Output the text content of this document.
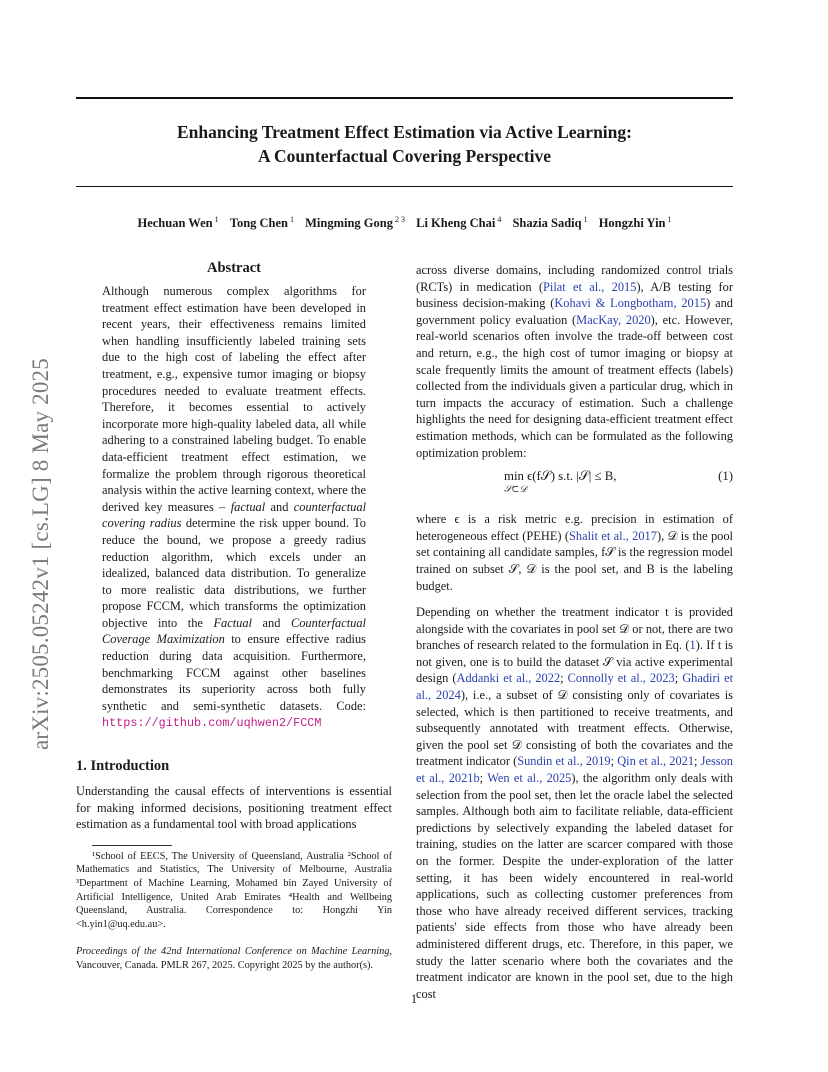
Enhancing Treatment Effect Estimation via Active Learning:
A Counterfactual Covering Perspective
Hechuan Wen $^1$ Tong Chen $^1$ Mingming Gong $^{2 3}$ Li Kheng Chai $^4$ Shazia Sadiq $^1$ Hongzhi Yin $^1$
arXiv:2505.05242v1 [cs.LG] 8 May 2025
Abstract

Although numerous complex algorithms for treatment effect estimation have been developed in recent years, their effectiveness remains limited when handling insufficiently labeled training sets due to the high cost of labeling the effect after treatment, e.g., expensive tumor imaging or biopsy procedures needed to evaluate treatment effects. Therefore, it becomes essential to actively incorporate more high-quality labeled data, all while adhering to a constrained labeling budget. To enable data-efficient treatment effect estimation, we formalize the problem through rigorous theoretical analysis within the active learning context, where the derived key measures – factual and counterfactual covering radius determine the risk upper bound. To reduce the bound, we propose a greedy radius reduction algorithm, which excels under an idealized, balanced data distribution. To generalize to more realistic data distributions, we further propose FCCM, which transforms the optimization objective into the Factual and Counterfactual Coverage Maximization to ensure effective radius reduction during data acquisition. Furthermore, benchmarking FCCM against other baselines demonstrates its superiority across both fully synthetic and semi-synthetic datasets. Code: https://github.com/uqhwen2/FCCM

1. Introduction

Understanding the causal effects of interventions is essential for making informed decisions, positioning treatment effect estimation as a fundamental tool with broad applications

¹School of EECS, The University of Queensland, Australia ²School of Mathematics and Statistics, The University of Melbourne, Australia ³Department of Machine Learning, Mohamed bin Zayed University of Artificial Intelligence, United Arab Emirates ⁴Health and Wellbeing Queensland, Australia. Correspondence to: Hongzhi Yin <h.yin1@uq.edu.au>.

Proceedings of the 42nd International Conference on Machine Learning, Vancouver, Canada. PMLR 267, 2025. Copyright 2025 by the author(s).

across diverse domains, including randomized control trials (RCTs) in medication (Pilat et al., 2015), A/B testing for business decision-making (Kohavi & Longbotham, 2015) and government policy evaluation (MacKay, 2020), etc. However, real-world scenarios often involve the trade-off between cost and return, e.g., the high cost of tumor imaging or biopsy at scale frequently limits the amount of treatment effects (labels) collected from the individuals given a particular drug, which in turn impacts the accuracy of estimation. Such a challenge highlights the need for designing data-efficient treatment effect estimation methods, which can be formulated as the following optimization problem:

min ϵ(f𝒮) s.t. |𝒮| ≤ B,
𝒮⊂𝒟
(1)

where ϵ is a risk metric e.g. precision in estimation of heterogeneous effect (PEHE) (Shalit et al., 2017), 𝒟 is the pool set containing all candidate samples, f𝒮 is the regression model trained on subset 𝒮, 𝒟 is the pool set, and B is the labeling budget.

Depending on whether the treatment indicator t is provided alongside with the covariates in pool set 𝒟 or not, there are two branches of research related to the formulation in Eq. (1). If t is not given, one is to build the dataset 𝒮 via active experimental design (Addanki et al., 2022; Connolly et al., 2023; Ghadiri et al., 2024), i.e., a subset of 𝒟 consisting only of covariates is selected, which is then partitioned to receive treatments, and subsequently annotated with treatment effects. Otherwise, given the pool set 𝒟 consisting of both the covariates and the treatment indicator (Sundin et al., 2019; Qin et al., 2021; Jesson et al., 2021b; Wen et al., 2025), the algorithm only deals with selection from the pool set, then let the oracle label the selected samples. Although both aim to facilitate reliable, data-efficient predictions by selectively expanding the labeled dataset for training, studies on the latter are scarcer compared with those on the former. Despite the under-exploration of the latter setting, it has been widely encountered in real-world applications, such as collecting customer preferences from those who have already received different services, tracking patients' side effects from those who have already been administered different drugs, etc. Therefore, in this paper, we study the latter scenario where both the covariates and the treatment indicator are known in the pool set, due to the high cost

1
